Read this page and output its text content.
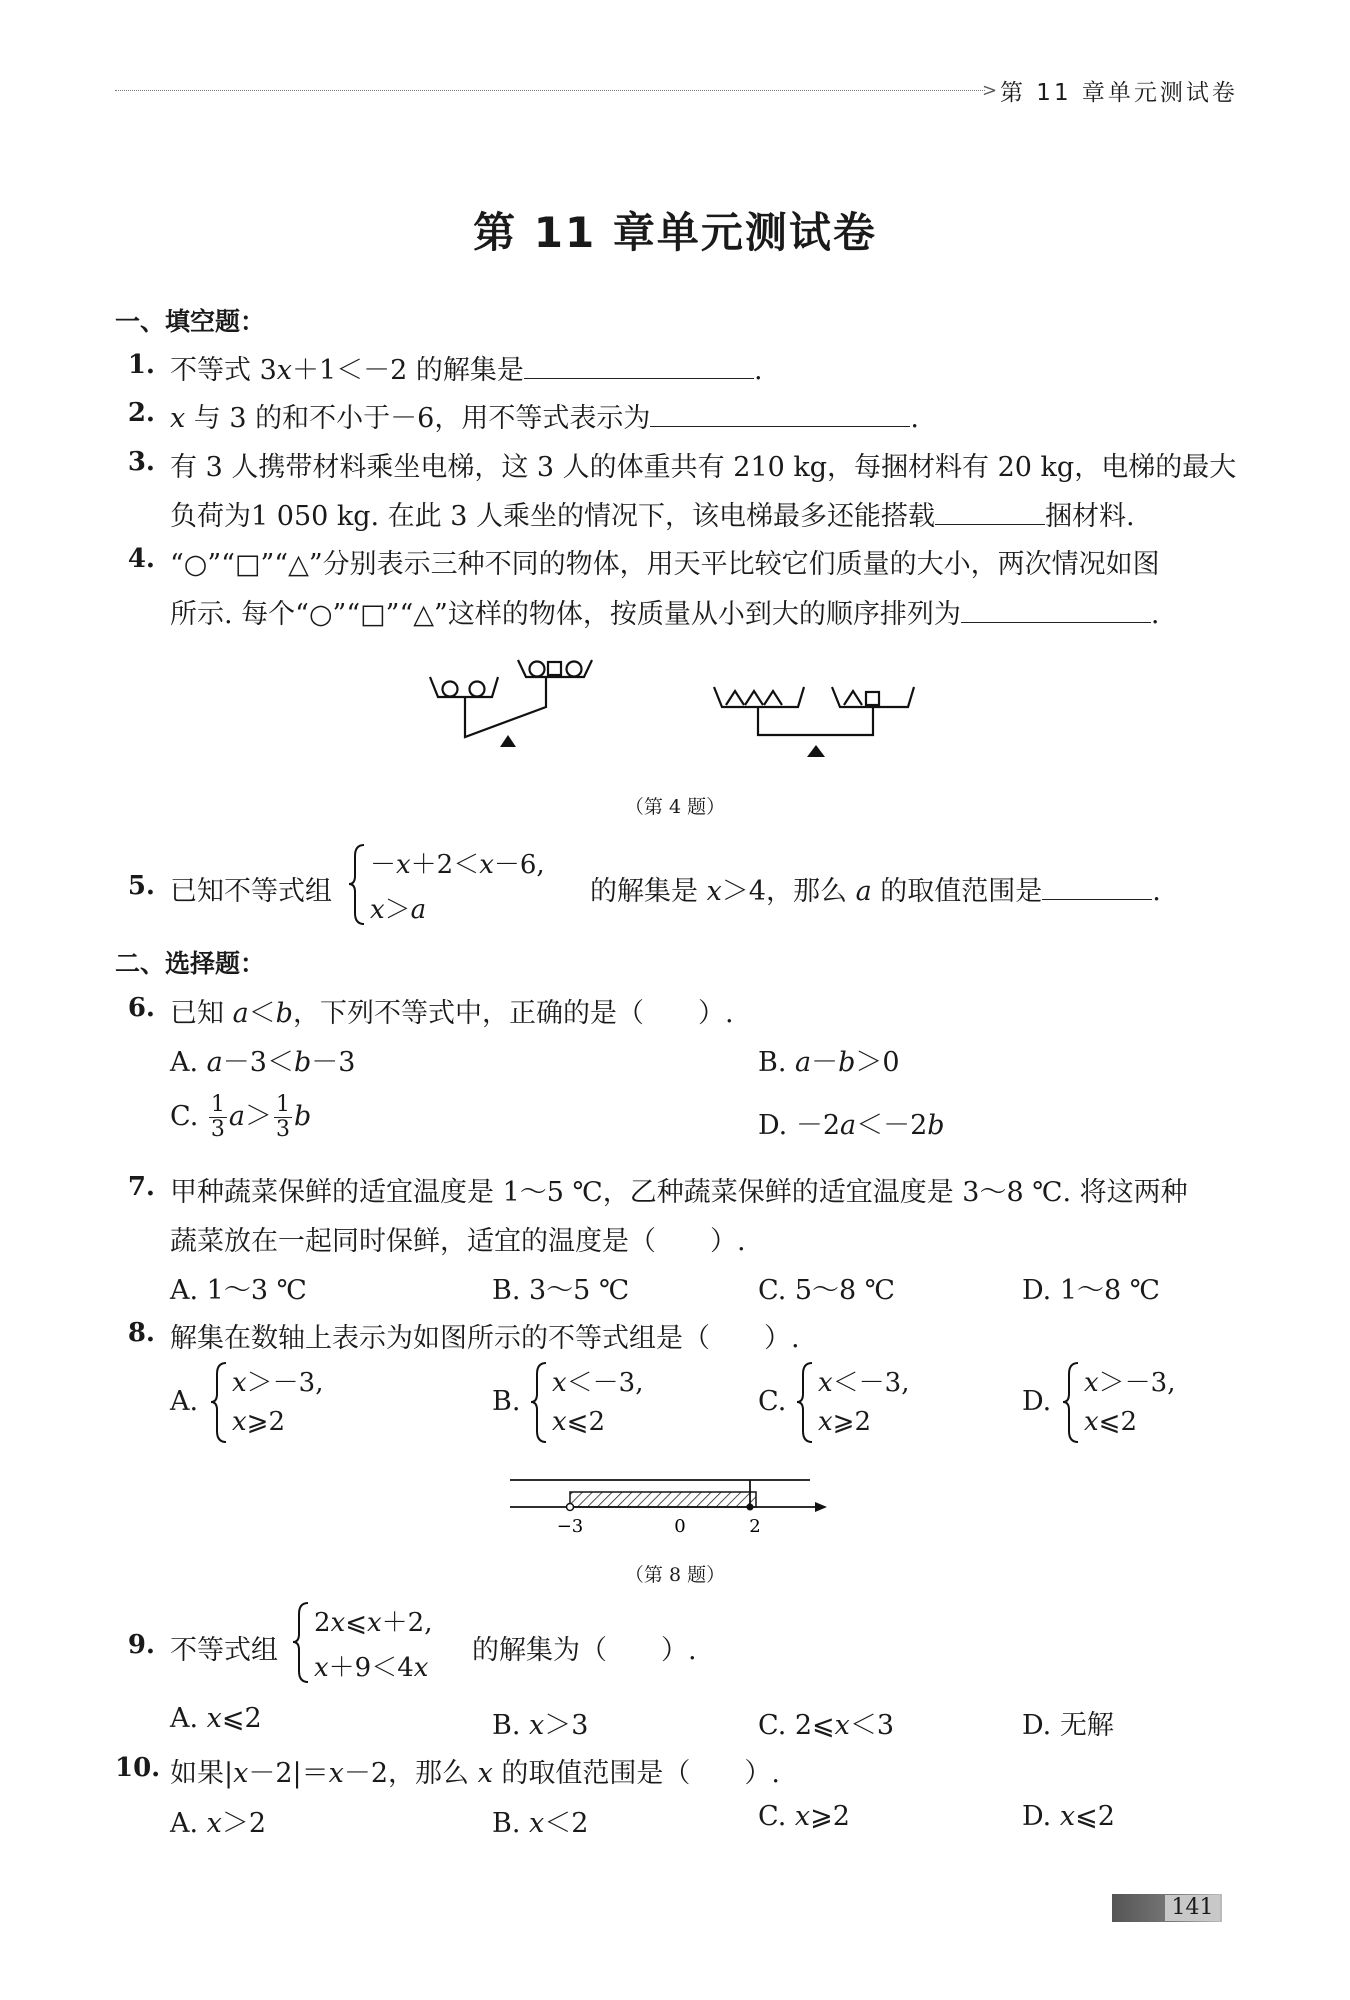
> 第 11 章单元测试卷
第 11 章单元测试卷
一、填空题：
1. 不等式 3𝑥＋1＜－2 的解集是	.
2. 𝑥 与 3 的和不小于－6，用不等式表示为	.
3. 有 3 人携带材料乘坐电梯，这 3 人的体重共有 210 kg，每捆材料有 20 kg，电梯的最大
负荷为1 050 kg. 在此 3 人乘坐的情况下，该电梯最多还能搭载	捆材料.
4. “○”“□”“△”分别表示三种不同的物体，用天平比较它们质量的大小，两次情况如图
所示. 每个“○”“□”“△”这样的物体，按质量从小到大的顺序排列为	.
（第 4 题）
5. 已知不等式组
－𝑥＋2＜𝑥－6,
𝑥＞𝑎
的解集是 𝑥＞4，那么 𝑎 的取值范围是	.
二、选择题：
6. 已知 𝑎＜𝑏，下列不等式中，正确的是（　　）.
A. 𝑎－3＜𝑏－3	B. 𝑎－𝑏＞0
C. $\frac{1}{3}$ 𝑎＞ $\frac{1}{3}$ 𝑏	D. －2𝑎＜－2𝑏
7. 甲种蔬菜保鲜的适宜温度是 1～5 ℃，乙种蔬菜保鲜的适宜温度是 3～8 ℃. 将这两种
蔬菜放在一起同时保鲜，适宜的温度是（　　）.
A. 1～3 ℃	B. 3～5 ℃	C. 5～8 ℃	D. 1～8 ℃
8. 解集在数轴上表示为如图所示的不等式组是（　　）.
A.
𝑥＞－3,
𝑥⩾2
B.
𝑥＜－3,
𝑥⩽2
C.
𝑥＜－3,
𝑥⩾2
D.
𝑥＞－3,
𝑥⩽2
−3	0	2
（第 8 题）
9. 不等式组
2𝑥⩽𝑥＋2,
𝑥＋9＜4𝑥
的解集为（　　）.
A. 𝑥⩽2	B. 𝑥＞3	C. 2⩽𝑥＜3	D. 无解
10. 如果|𝑥－2|＝𝑥－2，那么 𝑥 的取值范围是（　　）.
A. 𝑥＞2	B. 𝑥＜2	C. 𝑥⩾2	D. 𝑥⩽2
141
